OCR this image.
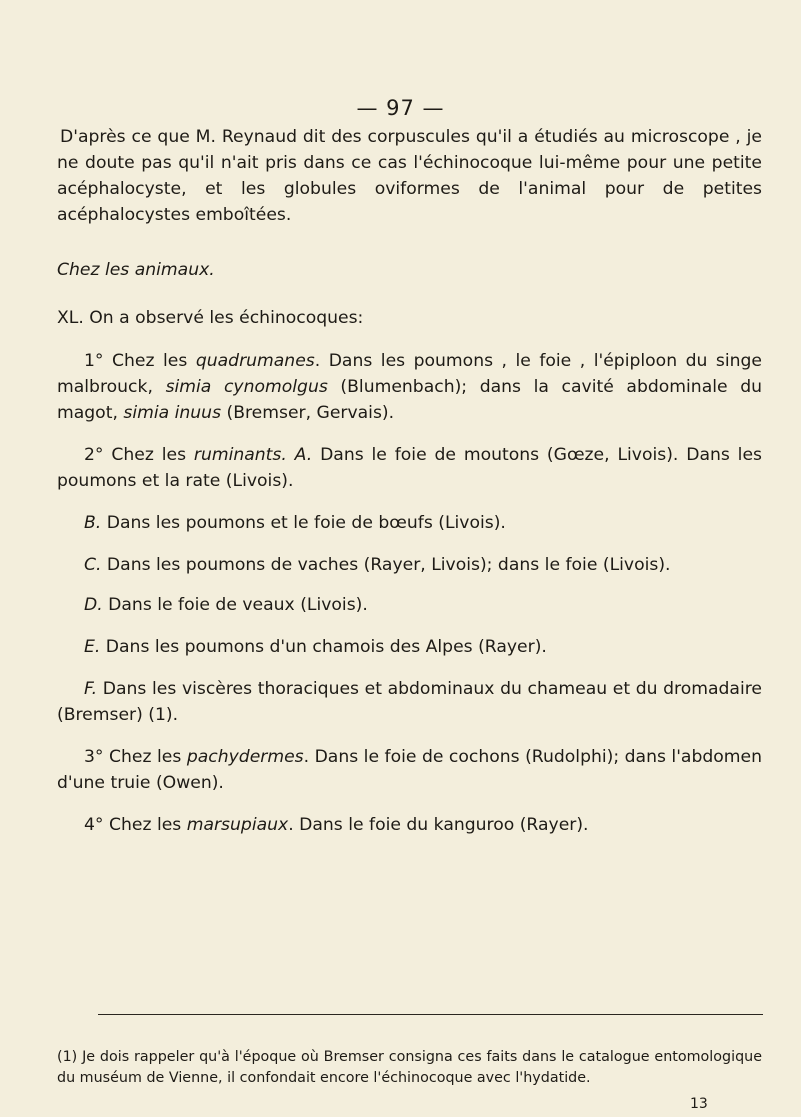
— 97 —

D'après ce que M. Reynaud dit des corpuscules qu'il a étudiés au microscope , je ne doute pas qu'il n'ait pris dans ce cas l'échinocoque lui-même pour une petite acéphalocyste, et les globules oviformes de l'animal pour de petites acéphalocystes emboîtées.

Chez les animaux.

XL. On a observé les échinocoques:

1° Chez les quadrumanes. Dans les poumons , le foie , l'épiploon du singe malbrouck, simia cynomolgus (Blumenbach); dans la cavité abdominale du magot, simia inuus (Bremser, Gervais).

2° Chez les ruminants. A. Dans le foie de moutons (Gœze, Livois). Dans les poumons et la rate (Livois).

B. Dans les poumons et le foie de bœufs (Livois).

C. Dans les poumons de vaches (Rayer, Livois); dans le foie (Livois).

D. Dans le foie de veaux (Livois).

E. Dans les poumons d'un chamois des Alpes (Rayer).

F. Dans les viscères thoraciques et abdominaux du chameau et du dromadaire (Bremser) (1).

3° Chez les pachydermes. Dans le foie de cochons (Rudolphi); dans l'abdomen d'une truie (Owen).

4° Chez les marsupiaux. Dans le foie du kanguroo (Rayer).

(1) Je dois rappeler qu'à l'époque où Bremser consigna ces faits dans le catalogue entomologique du muséum de Vienne, il confondait encore l'échinocoque avec l'hydatide.
13
